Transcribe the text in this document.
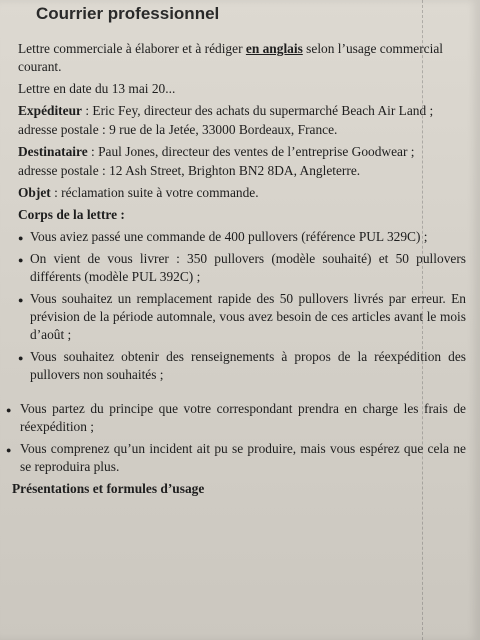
Courrier professionnel

Lettre commerciale à élaborer et à rédiger en anglais selon l’usage commercial courant.

Lettre en date du 13 mai 20...

Expéditeur : Eric Fey, directeur des achats du supermarché Beach Air Land ;

adresse postale : 9 rue de la Jetée, 33000 Bordeaux, France.

Destinataire : Paul Jones, directeur des ventes de l’entreprise Goodwear ;

adresse postale : 12 Ash Street, Brighton BN2 8DA, Angleterre.

Objet : réclamation suite à votre commande.

Corps de la lettre :

● Vous aviez passé une commande de 400 pullovers (référence PUL 329C) ;
● On vient de vous livrer : 350 pullovers (modèle souhaité) et 50 pullovers différents (modèle PUL 392C) ;
● Vous souhaitez un remplacement rapide des 50 pullovers livrés par erreur. En prévision de la période automnale, vous avez besoin de ces articles avant le mois d’août ;
● Vous souhaitez obtenir des renseignements à propos de la réexpédition des pullovers non souhaités ;
● Vous partez du principe que votre correspondant prendra en charge les frais de réexpédition ;
● Vous comprenez qu’un incident ait pu se produire, mais vous espérez que cela ne se reproduira plus.

Présentations et formules d’usage
